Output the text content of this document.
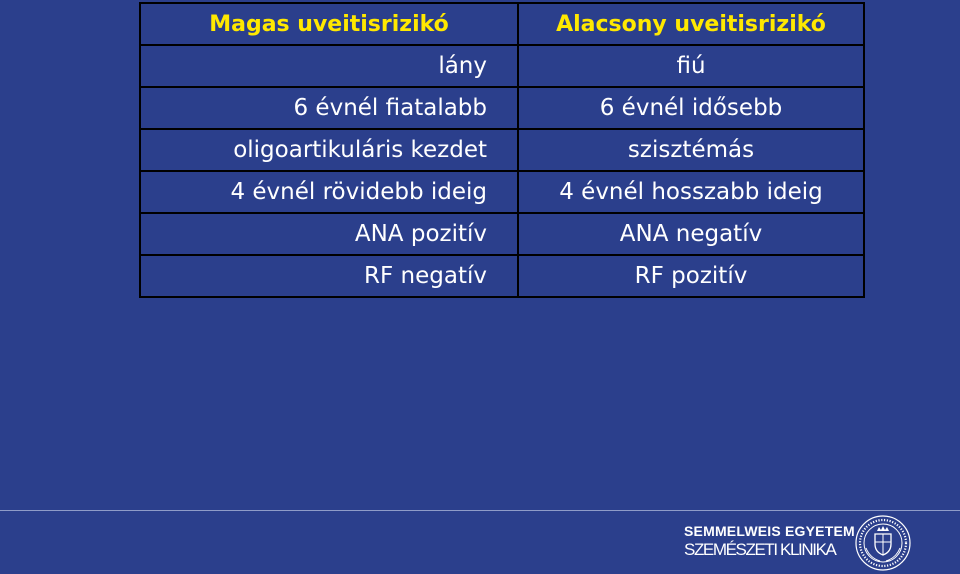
Magas uveitisrizikó	Alacsony uveitisrizikó
lány	fiú
6 évnél fiatalabb	6 évnél idősebb
oligoartikuláris kezdet	szisztémás
4 évnél rövidebb ideig	4 évnél hosszabb ideig
ANA pozitív	ANA negatív
RF negatív	RF pozitív
SEMMELWEIS EGYETEM
SZEMÉSZETI KLINIKA
